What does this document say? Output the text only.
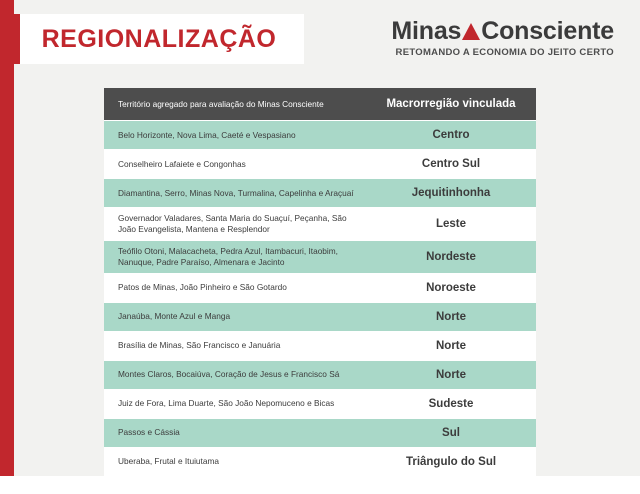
REGIONALIZAÇÃO	Minas Consciente
RETOMANDO A ECONOMIA DO JEITO CERTO
Território agregado para avaliação do Minas Consciente	Macrorregião vinculada
Belo Horizonte, Nova Lima, Caeté e Vespasiano	Centro
Conselheiro Lafaiete e Congonhas	Centro Sul
Diamantina, Serro, Minas Nova, Turmalina, Capelinha e Araçuaí	Jequitinhonha
Governador Valadares, Santa Maria do Suaçuí, Peçanha, São João Evangelista, Mantena e Resplendor	Leste
Teófilo Otoni, Malacacheta, Pedra Azul, Itambacuri, Itaobim, Nanuque, Padre Paraíso, Almenara e Jacinto	Nordeste
Patos de Minas, João Pinheiro e São Gotardo	Noroeste
Janaúba, Monte Azul e Manga	Norte
Brasília de Minas, São Francisco e Januária	Norte
Montes Claros, Bocaiúva, Coração de Jesus e Francisco Sá	Norte
Juiz de Fora, Lima Duarte, São João Nepomuceno e Bicas	Sudeste
Passos e Cássia	Sul
Uberaba, Frutal e Ituiutama	Triângulo do Sul
